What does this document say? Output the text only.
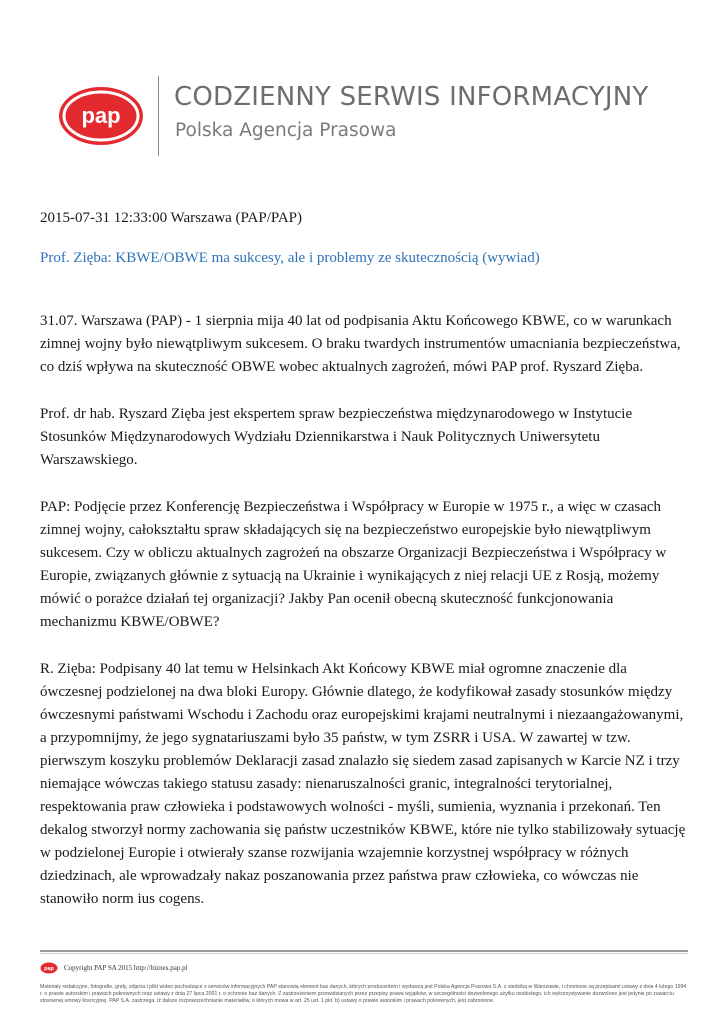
pap
CODZIENNY SERWIS INFORMACYJNY
Polska Agencja Prasowa

2015-07-31 12:33:00 Warszawa (PAP/PAP)

Prof. Zięba: KBWE/OBWE ma sukcesy, ale i problemy ze skutecznością (wywiad)

31.07. Warszawa (PAP) - 1 sierpnia mija 40 lat od podpisania Aktu Końcowego KBWE, co w warunkach zimnej wojny było niewątpliwym sukcesem. O braku twardych instrumentów umacniania bezpieczeństwa, co dziś wpływa na skuteczność OBWE wobec aktualnych zagrożeń, mówi PAP prof. Ryszard Zięba.

Prof. dr hab. Ryszard Zięba jest ekspertem spraw bezpieczeństwa międzynarodowego w Instytucie Stosunków Międzynarodowych Wydziału Dziennikarstwa i Nauk Politycznych Uniwersytetu Warszawskiego.

PAP: Podjęcie przez Konferencję Bezpieczeństwa i Współpracy w Europie w 1975 r., a więc w czasach zimnej wojny, całokształtu spraw składających się na bezpieczeństwo europejskie było niewątpliwym sukcesem. Czy w obliczu aktualnych zagrożeń na obszarze Organizacji Bezpieczeństwa i Współpracy w Europie, związanych głównie z sytuacją na Ukrainie i wynikających z niej relacji UE z Rosją, możemy mówić o porażce działań tej organizacji? Jakby Pan ocenił obecną skuteczność funkcjonowania mechanizmu KBWE/OBWE?

R. Zięba: Podpisany 40 lat temu w Helsinkach Akt Końcowy KBWE miał ogromne znaczenie dla ówczesnej podzielonej na dwa bloki Europy. Głównie dlatego, że kodyfikował zasady stosunków między ówczesnymi państwami Wschodu i Zachodu oraz europejskimi krajami neutralnymi i niezaangażowanymi, a przypomnijmy, że jego sygnatariuszami było 35 państw, w tym ZSRR i USA. W zawartej w tzw. pierwszym koszyku problemów Deklaracji zasad znalazło się siedem zasad zapisanych w Karcie NZ i trzy niemające wówczas takiego statusu zasady: nienaruszalności granic, integralności terytorialnej, respektowania praw człowieka i podstawowych wolności - myśli, sumienia, wyznania i przekonań. Ten dekalog stworzył normy zachowania się państw uczestników KBWE, które nie tylko stabilizowały sytuację w podzielonej Europie i otwierały szanse rozwijania wzajemnie korzystnej współpracy w różnych dziedzinach, ale wprowadzały nakaz poszanowania przez państwa praw człowieka, co wówczas nie stanowiło norm ius cogens.

pap Copyright PAP SA 2015 http://biznes.pap.pl
Materiały redakcyjne, fotografie, grafy, zdjęcia i pliki wideo pochodzące z serwisów informacyjnych PAP stanowią element baz danych, których producentem i wydawcą jest Polska Agencja Prasowa S.A. z siedzibą w Warszawie, i chronione są przepisami ustawy z dnia 4 lutego 1994 r. o prawie autorskim i prawach pokrewnych oraz ustawy z dnia 27 lipca 2001 r. o ochronie baz danych. Z zastrzeżeniem przewidzianych przez przepisy prawa wyjątków, w szczególności dozwolonego użytku osobistego, ich wykorzystywanie dozwolone jest jedynie po zawarciu stosownej umowy licencyjnej. PAP S.A. zastrzega, iż dalsze rozpowszechnianie materiałów, o których mowa w art. 25 ust. 1 pkt. b) ustawy o prawie autorskim i prawach pokrewnych, jest zabronione.
